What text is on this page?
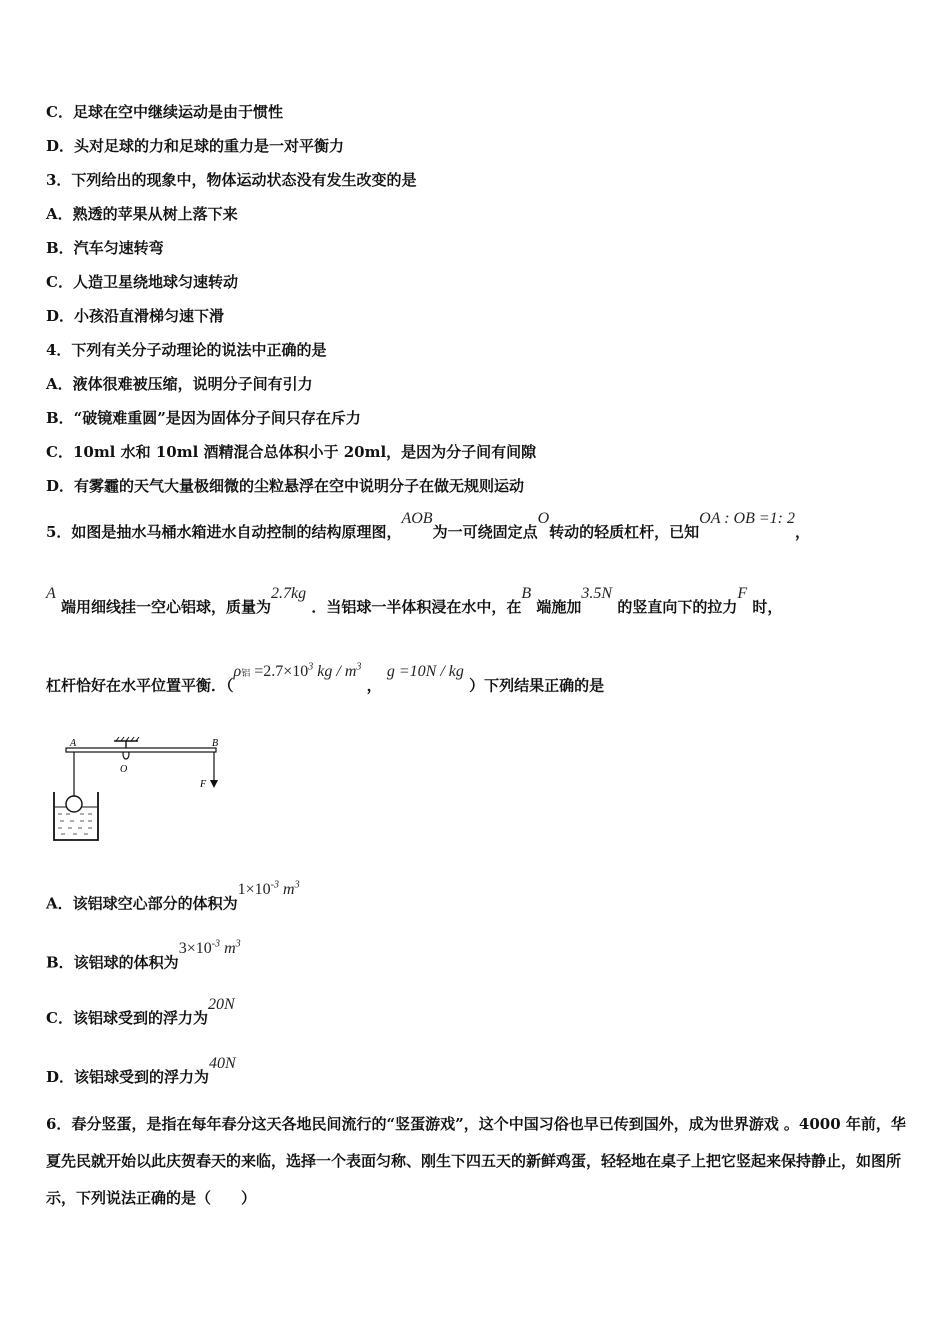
C．足球在空中继续运动是由于惯性
D．头对足球的力和足球的重力是一对平衡力
3．下列给出的现象中，物体运动状态没有发生改变的是
A．熟透的苹果从树上落下来
B．汽车匀速转弯
C．人造卫星绕地球匀速转动
D．小孩沿直滑梯匀速下滑
4．下列有关分子动理论的说法中正确的是
A．液体很难被压缩，说明分子间有引力
B．“破镜难重圆”是因为固体分子间只存在斥力
C．10ml 水和 10ml 酒精混合总体积小于 20ml，是因为分子间有间隙
D．有雾霾的天气大量极细微的尘粒悬浮在空中说明分子在做无规则运动
5．如图是抽水马桶水箱进水自动控制的结构原理图，AOB为一可绕固定点O转动的轻质杠杆，已知OA : OB =1: 2，
A 端用细线挂一空心铝球，质量为2.7kg ．当铝球一半体积浸在水中，在B 端施加3.5N 的竖直向下的拉力F 时，
杠杆恰好在水平位置平衡．（ρ铝 $=2.7\times 10^3$ kg / $m^3$ ， g =10N / kg ）下列结果正确的是
A
O
B
F
A．该铝球空心部分的体积为$1\times 10^{-3}$ $m^3$
B．该铝球的体积为$3\times 10^{-3}$ $m^3$
C．该铝球受到的浮力为20N
D．该铝球受到的浮力为40N
6．春分竖蛋，是指在每年春分这天各地民间流行的“竖蛋游戏”，这个中国习俗也早已传到国外，成为世界游戏 。4000 年前，华夏先民就开始以此庆贺春天的来临，选择一个表面匀称、刚生下四五天的新鲜鸡蛋，轻轻地在桌子上把它竖起来保持静止，如图所示，下列说法正确的是（　　）
